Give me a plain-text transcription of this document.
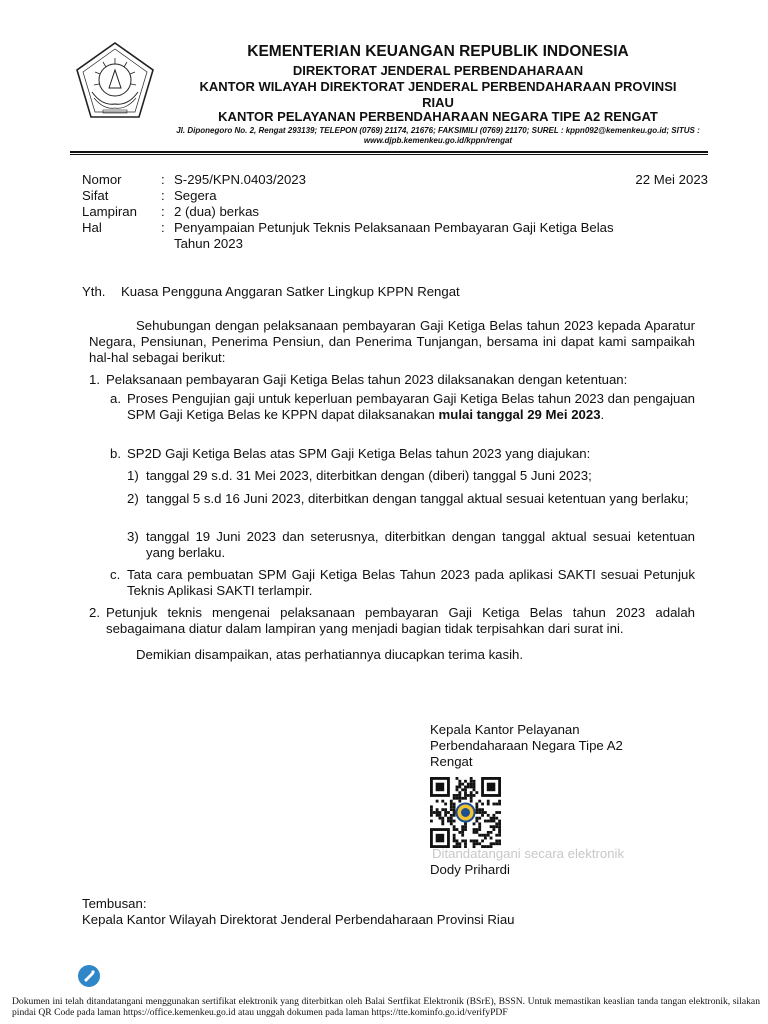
KEMENTERIAN KEUANGAN REPUBLIK INDONESIA
DIREKTORAT JENDERAL PERBENDAHARAAN
KANTOR WILAYAH DIREKTORAT JENDERAL PERBENDAHARAAN PROVINSI RIAU
KANTOR PELAYANAN PERBENDAHARAAN NEGARA TIPE A2 RENGAT
Jl. Diponegoro No. 2, Rengat 293139; TELEPON (0769) 21174, 21676; FAKSIMILI (0769) 21170; SUREL : kppn092@kemenkeu.go.id; SITUS : www.djpb.kemenkeu.go.id/kppn/rengat
Nomor	: S-295/KPN.0403/2023	22 Mei 2023
Sifat	: Segera
Lampiran : 2 (dua) berkas
Hal	: Penyampaian Petunjuk Teknis Pelaksanaan Pembayaran Gaji Ketiga Belas
Tahun 2023
Yth. Kuasa Pengguna Anggaran Satker Lingkup KPPN Rengat
Sehubungan dengan pelaksanaan pembayaran Gaji Ketiga Belas tahun 2023 kepada Aparatur Negara, Pensiunan, Penerima Pensiun, dan Penerima Tunjangan, bersama ini dapat kami sampaikah hal-hal sebagai berikut:
1. Pelaksanaan pembayaran Gaji Ketiga Belas tahun 2023 dilaksanakan dengan ketentuan:
a. Proses Pengujian gaji untuk keperluan pembayaran Gaji Ketiga Belas tahun 2023 dan pengajuan SPM Gaji Ketiga Belas ke KPPN dapat dilaksanakan mulai tanggal 29 Mei 2023.
b. SP2D Gaji Ketiga Belas atas SPM Gaji Ketiga Belas tahun 2023 yang diajukan:
1) tanggal 29 s.d. 31 Mei 2023, diterbitkan dengan (diberi) tanggal 5 Juni 2023;
2) tanggal 5 s.d 16 Juni 2023, diterbitkan dengan tanggal aktual sesuai ketentuan yang berlaku;
3) tanggal 19 Juni 2023 dan seterusnya, diterbitkan dengan tanggal aktual sesuai ketentuan yang berlaku.
c. Tata cara pembuatan SPM Gaji Ketiga Belas Tahun 2023 pada aplikasi SAKTI sesuai Petunjuk Teknis Aplikasi SAKTI terlampir.
2. Petunjuk teknis mengenai pelaksanaan pembayaran Gaji Ketiga Belas tahun 2023 adalah sebagaimana diatur dalam lampiran yang menjadi bagian tidak terpisahkan dari surat ini.
Demikian disampaikan, atas perhatiannya diucapkan terima kasih.
Kepala Kantor Pelayanan
Perbendaharaan Negara Tipe A2
Rengat
Ditandatangani secara elektronik
Dody Prihardi
Tembusan:
Kepala Kantor Wilayah Direktorat Jenderal Perbendaharaan Provinsi Riau
Dokumen ini telah ditandatangani menggunakan sertifikat elektronik yang diterbitkan oleh Balai Sertfikat Elektronik (BSrE), BSSN. Untuk memastikan keaslian tanda tangan elektronik, silakan pindai QR Code pada laman https://office.kemenkeu.go.id atau unggah dokumen pada laman https://tte.kominfo.go.id/verifyPDF
